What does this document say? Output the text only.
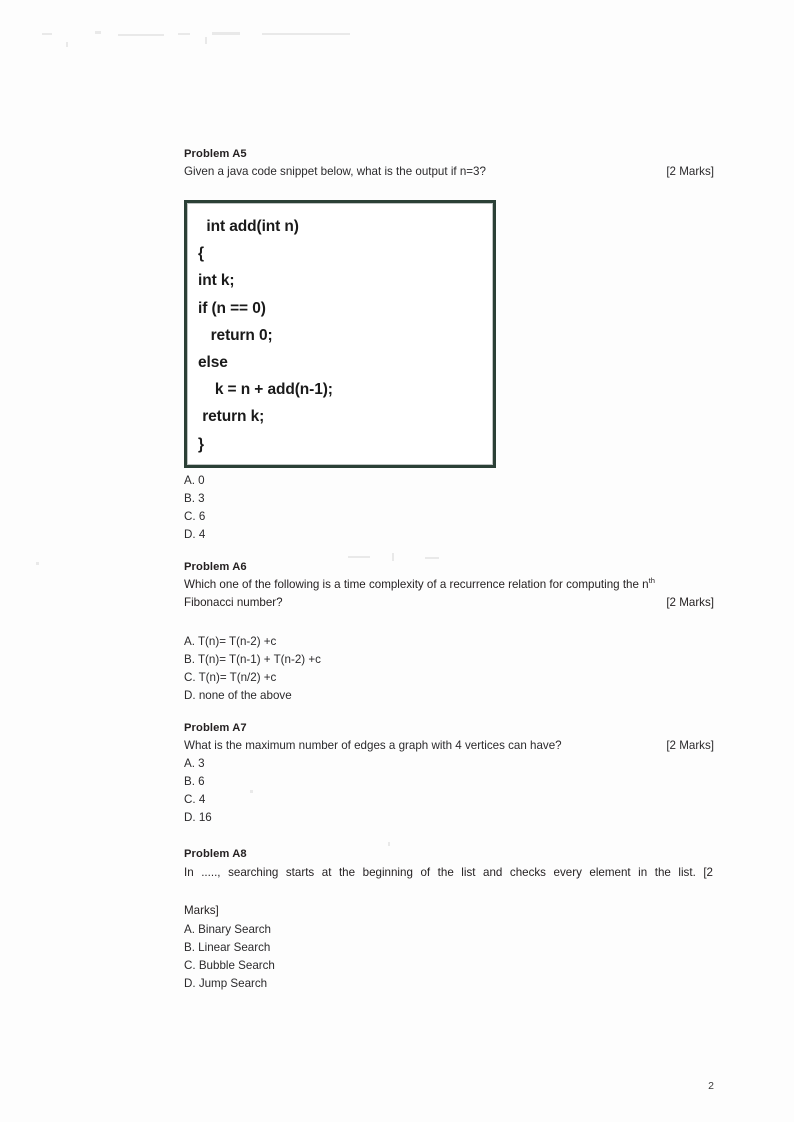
Problem A5
Given a java code snippet below, what is the output if n=3?	[2 Marks]
int add(int n)
{
int k;
if (n == 0)
return 0;
else
k = n + add(n-1);
return k;
}
A. 0
B. 3
C. 6
D. 4
Problem A6
Which one of the following is a time complexity of a recurrence relation for computing the $n^{th}$
Fibonacci number?	[2 Marks]
A. T(n)= T(n-2) +c
B. T(n)= T(n-1) + T(n-2) +c
C. T(n)= T(n/2) +c
D. none of the above
Problem A7
What is the maximum number of edges a graph with 4 vertices can have?	[2 Marks]
A. 3
B. 6
C. 4
D. 16
Problem A8
In ....., searching starts at the beginning of the list and checks every element in the list. [2
Marks]
A. Binary Search
B. Linear Search
C. Bubble Search
D. Jump Search
2
